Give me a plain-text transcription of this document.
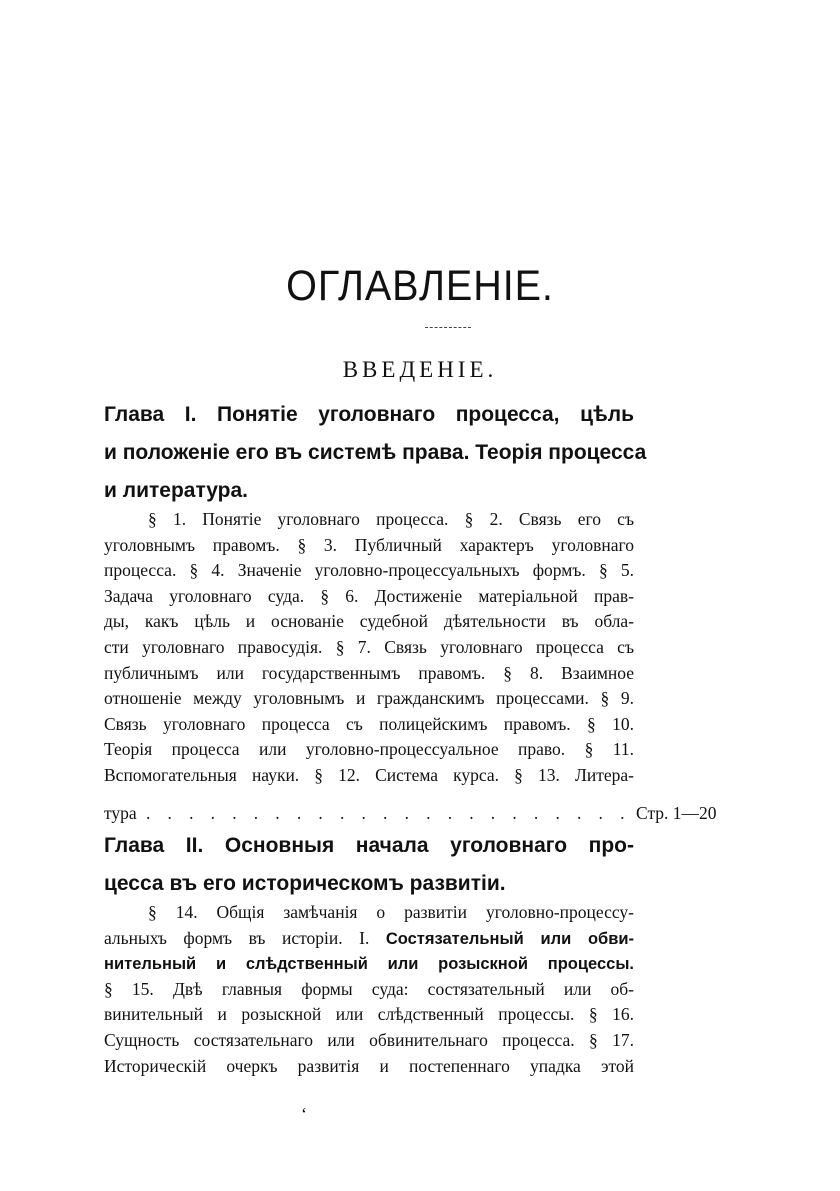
ОГЛАВЛЕНІЕ.
ВВЕДЕНІЕ.
Глава I. Понятіе уголовнаго процесса, цѣль
и положеніе его въ системѣ права. Теорія процесса
и литература.
§ 1. Понятіе уголовнаго процесса. § 2. Связь его съ
уголовнымъ правомъ. § 3. Публичный характеръ уголовнаго
процесса. § 4. Значеніе уголовно-процессуальныхъ формъ. § 5.
Задача уголовнаго суда. § 6. Достиженіе матеріальной прав-
ды, какъ цѣль и основаніе судебной дѣятельности въ обла-
сти уголовнаго правосудія. § 7. Связь уголовнаго процесса съ
публичнымъ или государственнымъ правомъ. § 8. Взаимное
отношеніе между уголовнымъ и гражданскимъ процессами. § 9.
Связь уголовнаго процесса съ полицейскимъ правомъ. § 10.
Теорія процесса или уголовно-процессуальное право. § 11.
Вспомогательныя науки. § 12. Система курса. § 13. Литера-
тура . . . . . . . . . . . . . . . . . . . . . . . Стр. 1—20
Глава II. Основныя начала уголовнаго про-
цесса въ его историческомъ развитіи.
§ 14. Общія замѣчанія о развитіи уголовно-процессу-
альныхъ формъ въ исторіи. I. Состязательный или обви-
нительный и слѣдственный или розыскной процессы.
§ 15. Двѣ главныя формы суда: состязательный или об-
винительный и розыскной или слѣдственный процессы. § 16.
Сущность состязательнаго или обвинительнаго процесса. § 17.
Историческій очеркъ развитія и постепеннаго упадка этой
ʻ
